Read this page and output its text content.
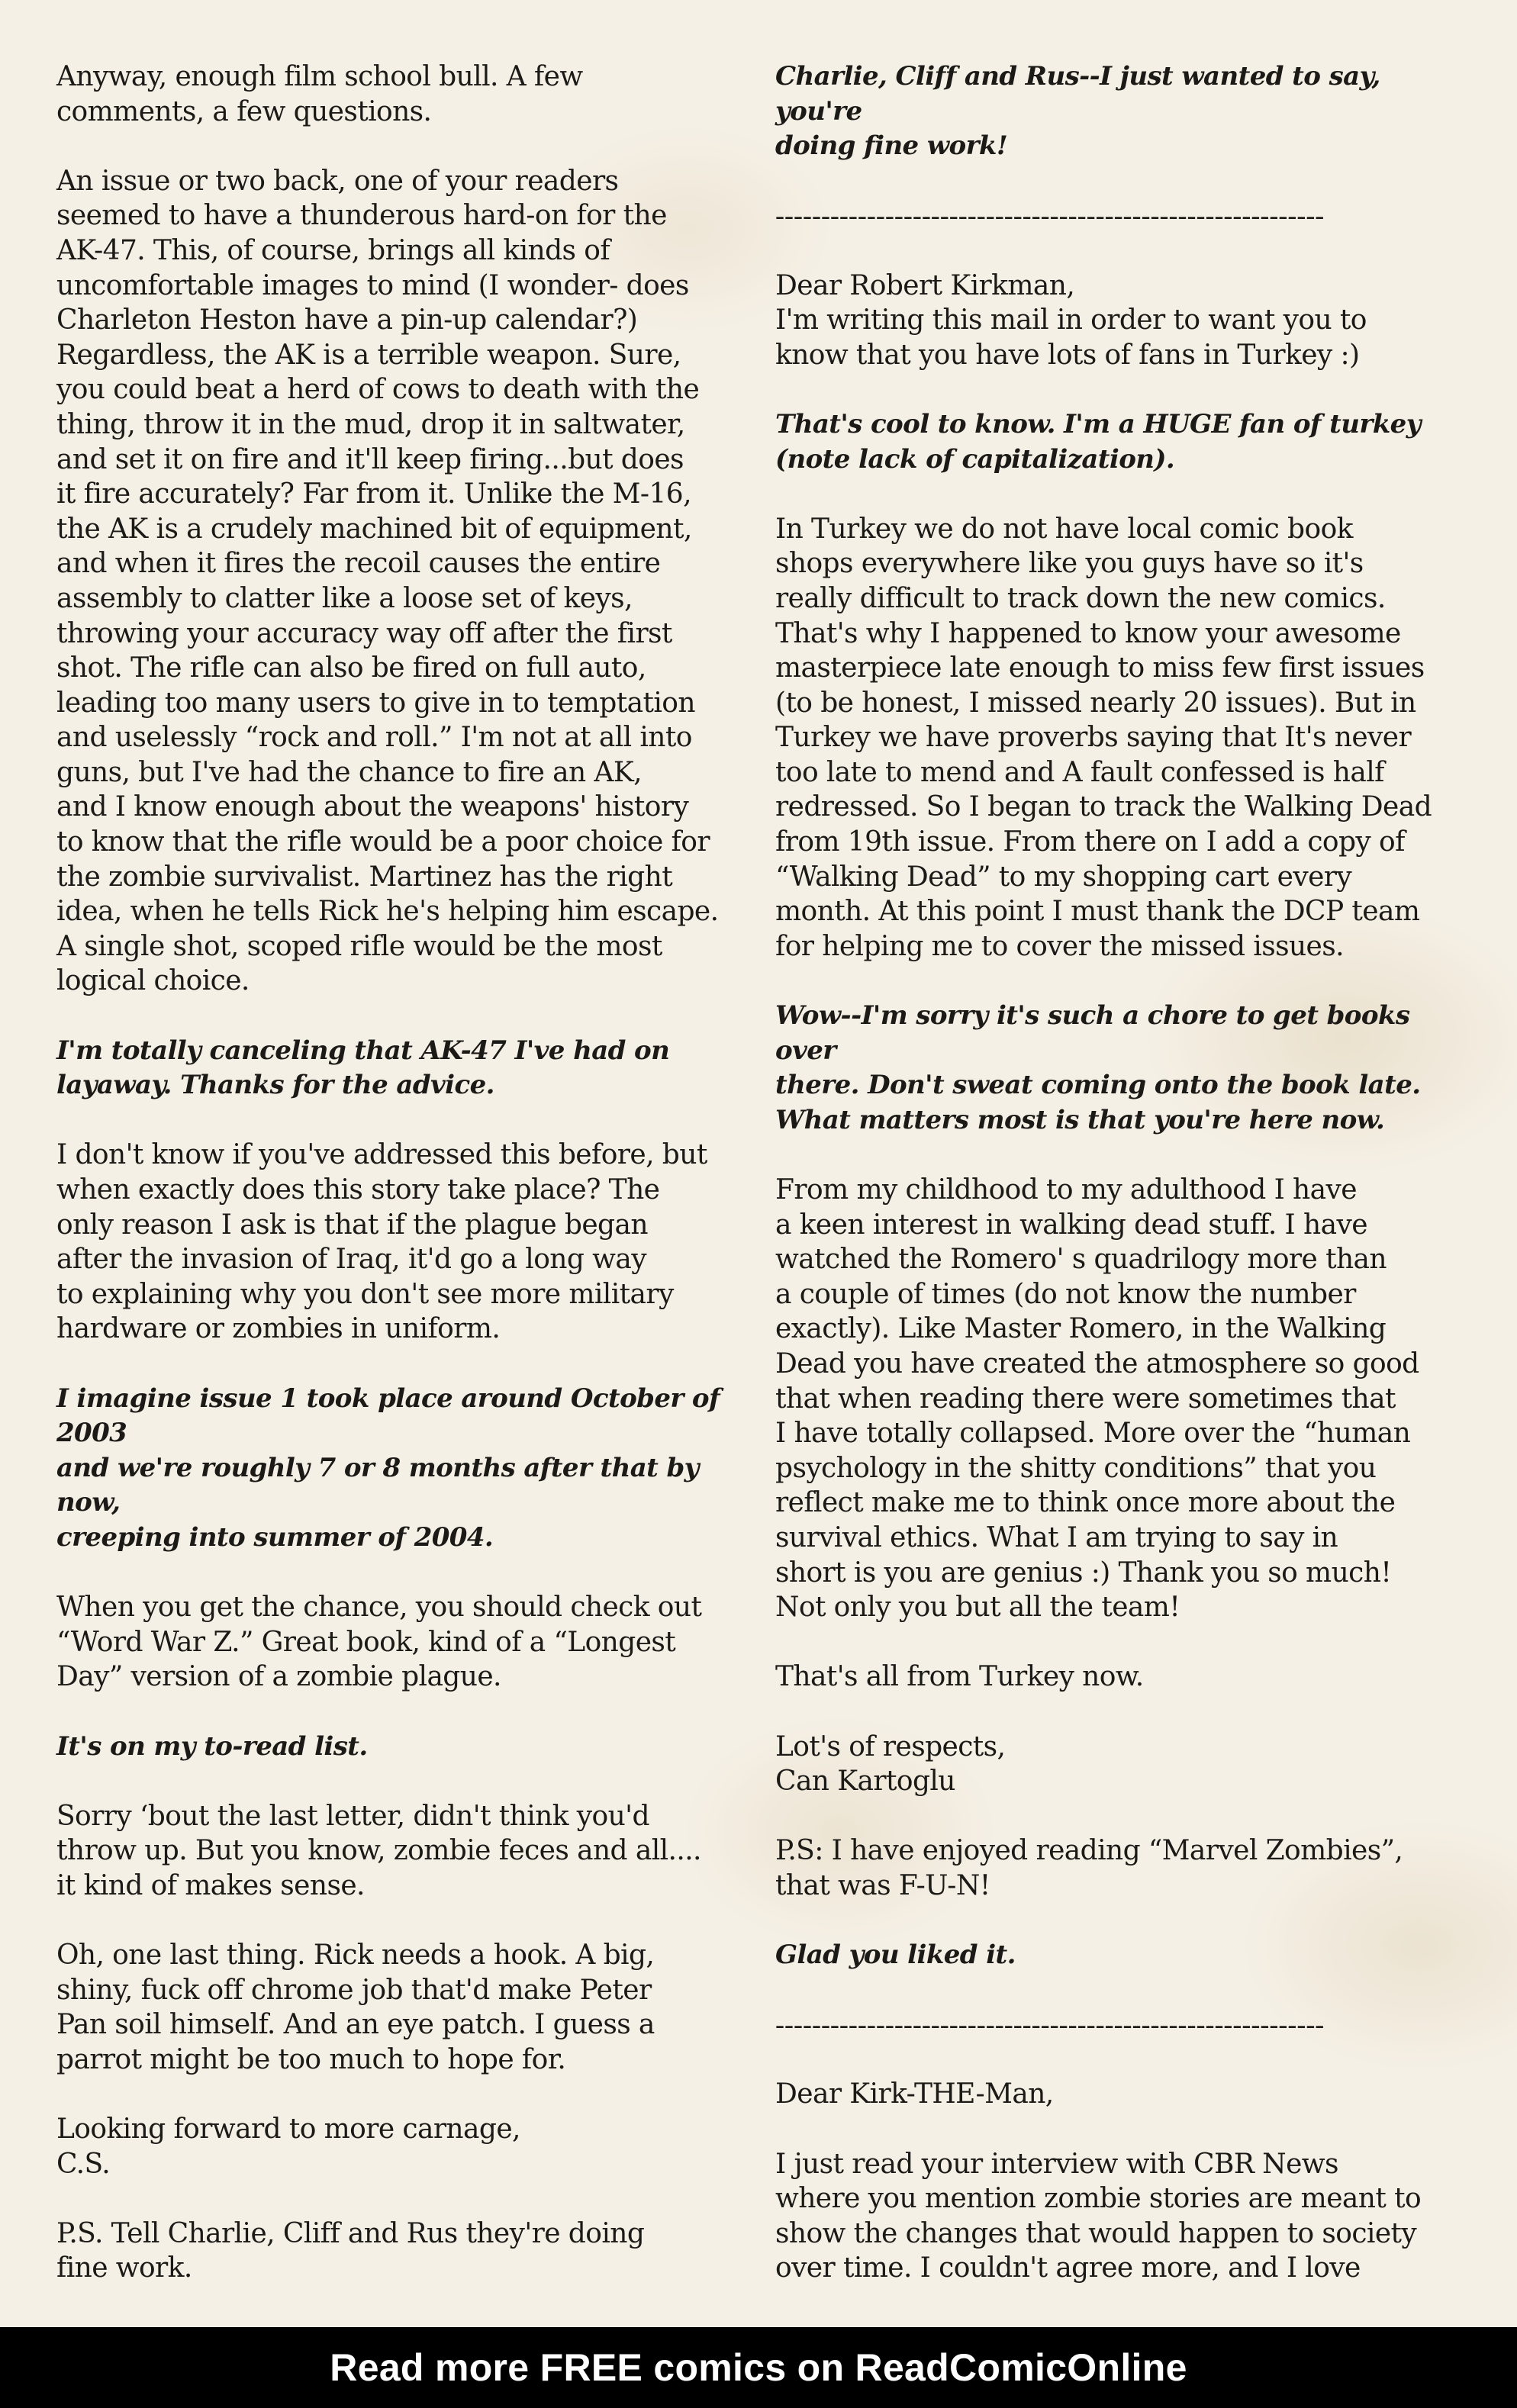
Anyway, enough film school bull. A few
comments, a few questions.

An issue or two back, one of your readers
seemed to have a thunderous hard-on for the
AK-47. This, of course, brings all kinds of
uncomfortable images to mind (I wonder- does
Charleton Heston have a pin-up calendar?)
Regardless, the AK is a terrible weapon. Sure,
you could beat a herd of cows to death with the
thing, throw it in the mud, drop it in saltwater,
and set it on fire and it'll keep firing...but does
it fire accurately? Far from it. Unlike the M-16,
the AK is a crudely machined bit of equipment,
and when it fires the recoil causes the entire
assembly to clatter like a loose set of keys,
throwing your accuracy way off after the first
shot. The rifle can also be fired on full auto,
leading too many users to give in to temptation
and uselessly “rock and roll.” I'm not at all into
guns, but I've had the chance to fire an AK,
and I know enough about the weapons' history
to know that the rifle would be a poor choice for
the zombie survivalist. Martinez has the right
idea, when he tells Rick he's helping him escape.
A single shot, scoped rifle would be the most
logical choice.

I'm totally canceling that AK-47 I've had on
layaway. Thanks for the advice.

I don't know if you've addressed this before, but
when exactly does this story take place? The
only reason I ask is that if the plague began
after the invasion of Iraq, it'd go a long way
to explaining why you don't see more military
hardware or zombies in uniform.

I imagine issue 1 took place around October of 2003
and we're roughly 7 or 8 months after that by now,
creeping into summer of 2004.

When you get the chance, you should check out
“Word War Z.” Great book, kind of a “Longest
Day” version of a zombie plague.

It's on my to-read list.

Sorry ‘bout the last letter, didn't think you'd
throw up. But you know, zombie feces and all....
it kind of makes sense.

Oh, one last thing. Rick needs a hook. A big,
shiny, fuck off chrome job that'd make Peter
Pan soil himself. And an eye patch. I guess a
parrot might be too much to hope for.

Looking forward to more carnage,
C.S.

P.S. Tell Charlie, Cliff and Rus they're doing
fine work.

Charlie, Cliff and Rus--I just wanted to say, you're
doing fine work!

------------------------------------------------------------

Dear Robert Kirkman,
I'm writing this mail in order to want you to
know that you have lots of fans in Turkey :)

That's cool to know. I'm a HUGE fan of turkey
(note lack of capitalization).

In Turkey we do not have local comic book
shops everywhere like you guys have so it's
really difficult to track down the new comics.
That's why I happened to know your awesome
masterpiece late enough to miss few first issues
(to be honest, I missed nearly 20 issues). But in
Turkey we have proverbs saying that It's never
too late to mend and A fault confessed is half
redressed. So I began to track the Walking Dead
from 19th issue. From there on I add a copy of
“Walking Dead” to my shopping cart every
month. At this point I must thank the DCP team
for helping me to cover the missed issues.

Wow--I'm sorry it's such a chore to get books over
there. Don't sweat coming onto the book late.
What matters most is that you're here now.

From my childhood to my adulthood I have
a keen interest in walking dead stuff. I have
watched the Romero' s quadrilogy more than
a couple of times (do not know the number
exactly). Like Master Romero, in the Walking
Dead you have created the atmosphere so good
that when reading there were sometimes that
I have totally collapsed. More over the “human
psychology in the shitty conditions” that you
reflect make me to think once more about the
survival ethics. What I am trying to say in
short is you are genius :) Thank you so much!
Not only you but all the team!

That's all from Turkey now.

Lot's of respects,
Can Kartoglu

P.S: I have enjoyed reading “Marvel Zombies”,
that was F-U-N!

Glad you liked it.

------------------------------------------------------------

Dear Kirk-THE-Man,

I just read your interview with CBR News
where you mention zombie stories are meant to
show the changes that would happen to society
over time. I couldn't agree more, and I love

Read more FREE comics on ReadComicOnline
